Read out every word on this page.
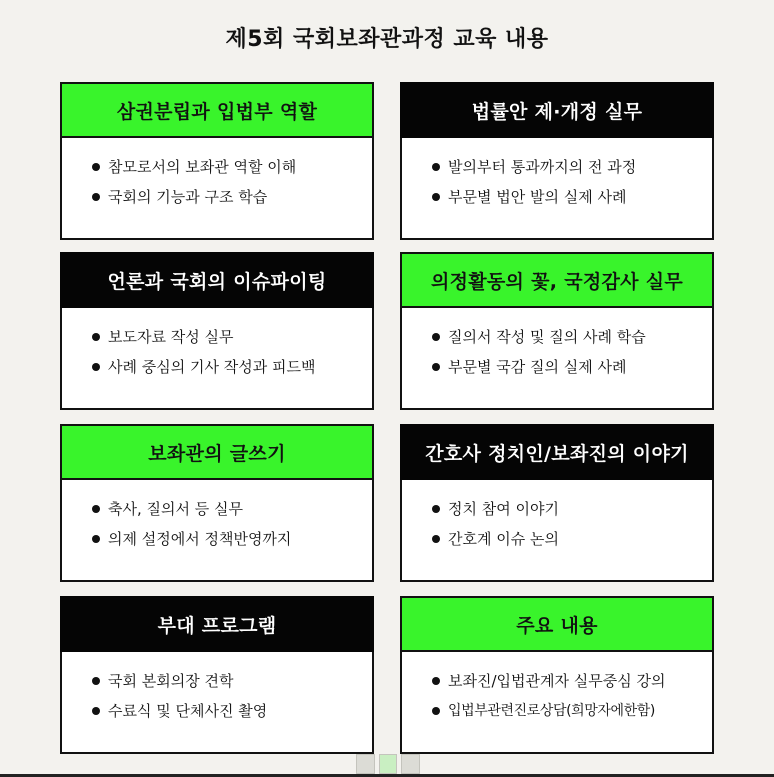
제5회 국회보좌관과정 교육 내용
삼권분립과 입법부 역할
참모로서의 보좌관 역할 이해
국회의 기능과 구조 학습
법률안 제·개정 실무
발의부터 통과까지의 전 과정
부문별 법안 발의 실제 사례
언론과 국회의 이슈파이팅
보도자료 작성 실무
사례 중심의 기사 작성과 피드백
의정활동의 꽃, 국정감사 실무
질의서 작성 및 질의 사례 학습
부문별 국감 질의 실제 사례
보좌관의 글쓰기
축사, 질의서 등 실무
의제 설정에서 정책반영까지
간호사 정치인/보좌진의 이야기
정치 참여 이야기
간호계 이슈 논의
부대 프로그램
국회 본회의장 견학
수료식 및 단체사진 촬영
주요 내용
보좌진/입법관계자 실무중심 강의
입법부관련진로상담(희망자에한함)
